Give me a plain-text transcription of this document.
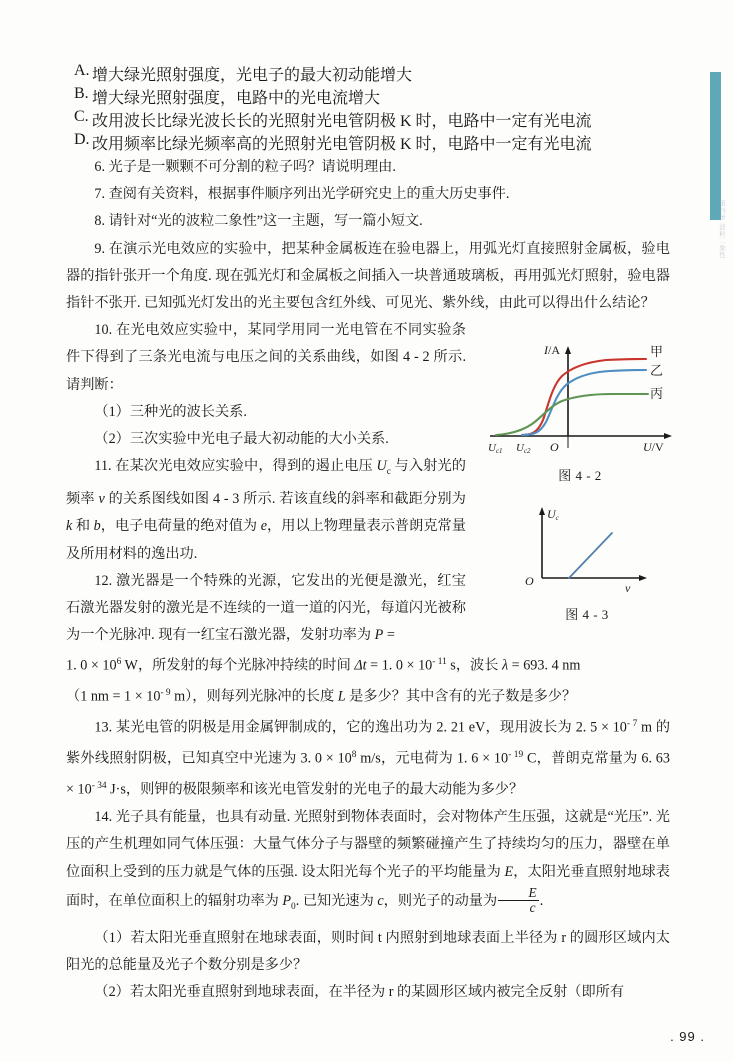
第四章 波粒二象性
A. 增大绿光照射强度，光电子的最大初动能增大
B. 增大绿光照射强度，电路中的光电流增大
C. 改用波长比绿光波长长的光照射光电管阴极 K 时，电路中一定有光电流
D. 改用频率比绿光频率高的光照射光电管阴极 K 时，电路中一定有光电流

6. 光子是一颗颗不可分割的粒子吗？请说明理由.

7. 查阅有关资料，根据事件顺序列出光学研究史上的重大历史事件.

8. 请针对“光的波粒二象性”这一主题，写一篇小短文.

9. 在演示光电效应的实验中，把某种金属板连在验电器上，用弧光灯直接照射金属板，验电器的指针张开一个角度. 现在弧光灯和金属板之间插入一块普通玻璃板，再用弧光灯照射，验电器指针不张开. 已知弧光灯发出的光主要包含红外线、可见光、紫外线，由此可以得出什么结论？

10. 在光电效应实验中，某同学用同一光电管在不同实验条件下得到了三条光电流与电压之间的关系曲线，如图 4 - 2 所示. 请判断：

（1）三种光的波长关系.

（2）三次实验中光电子最大初动能的大小关系.

11. 在某次光电效应实验中，得到的遏止电压 $U_c$ 与入射光的频率 ν 的关系图线如图 4 - 3 所示. 若该直线的斜率和截距分别为 k 和 b，电子电荷量的绝对值为 e，用以上物理量表示普朗克常量及所用材料的逸出功.

12. 激光器是一个特殊的光源，它发出的光便是激光，红宝石激光器发射的激光是不连续的一道一道的闪光，每道闪光被称为一个光脉冲. 现有一红宝石激光器，发射功率为 P =

1. $0 \times 10^6$ W，所发射的每个光脉冲持续的时间 Δt = 1. $0 \times 10^{- 11}$ s，波长 λ = 693. 4 nm
（1 nm = $1 \times 10^{- 9}$ m），则每列光脉冲的长度 L 是多少？其中含有的光子数是多少？

13. 某光电管的阴极是用金属钾制成的，它的逸出功为 2. 21 eV，现用波长为 2. $5 \times 10^{- 7}$ m 的紫外线照射阴极，已知真空中光速为 3. $0 \times 10^8$ m/s，元电荷为 1. $6 \times 10^{- 19}$ C，普朗克常量为 6. $63 \times 10^{- 34}$ J·s，则钾的极限频率和该光电管发射的光电子的最大动能为多少？

14. 光子具有能量，也具有动量. 光照射到物体表面时，会对物体产生压强，这就是“光压”. 光压的产生机理如同气体压强：大量气体分子与器壁的频繁碰撞产生了持续均匀的压力，器壁在单位面积上受到的压力就是气体的压强. 设太阳光每个光子的平均能量为 E，太阳光垂直照射地球表面时，在单位面积上的辐射功率为 $P_0$. 已知光速为 c，则光子的动量为 $\frac{E}{c}$ .

（1）若太阳光垂直照射在地球表面，则时间 t 内照射到地球表面上半径为 r 的圆形区域内太阳光的总能量及光子个数分别是多少？

（2）若太阳光垂直照射到地球表面，在半径为 r 的某圆形区域内被完全反射（即所有

I/A
U/V
O
Uc1 Uc2
甲
乙
丙
图 4 - 2
Uc
ν
O
图 4 - 3
. 99 .
